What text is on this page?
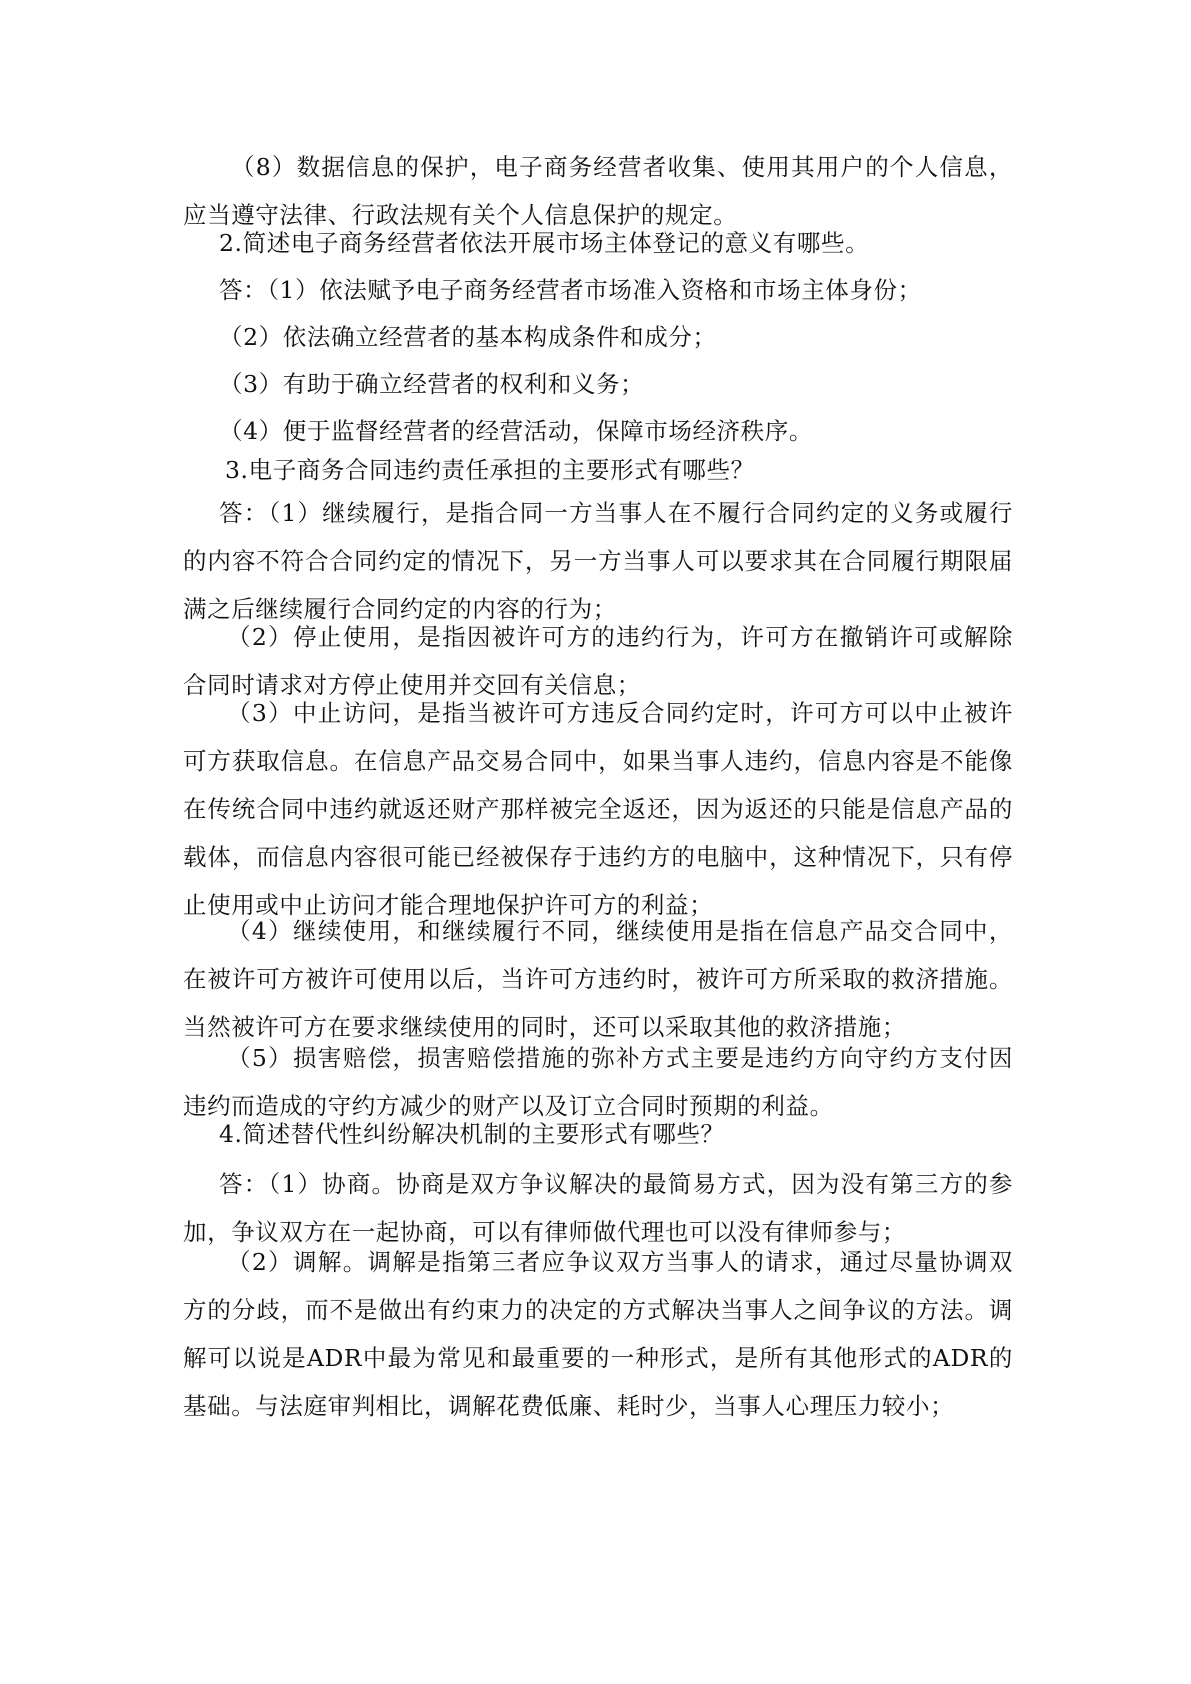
（8）数据信息的保护，电子商务经营者收集、使用其用户的个人信息，应当遵守法律、行政法规有关个人信息保护的规定。

2.简述电子商务经营者依法开展市场主体登记的意义有哪些。

答：（1）依法赋予电子商务经营者市场准入资格和市场主体身份；

（2）依法确立经营者的基本构成条件和成分；

（3）有助于确立经营者的权利和义务；

（4）便于监督经营者的经营活动，保障市场经济秩序。

3.电子商务合同违约责任承担的主要形式有哪些？

答：（1）继续履行，是指合同一方当事人在不履行合同约定的义务或履行的内容不符合合同约定的情况下，另一方当事人可以要求其在合同履行期限届满之后继续履行合同约定的内容的行为；

（2）停止使用，是指因被许可方的违约行为，许可方在撤销许可或解除合同时请求对方停止使用并交回有关信息；

（3）中止访问，是指当被许可方违反合同约定时，许可方可以中止被许可方获取信息。在信息产品交易合同中，如果当事人违约，信息内容是不能像在传统合同中违约就返还财产那样被完全返还，因为返还的只能是信息产品的载体，而信息内容很可能已经被保存于违约方的电脑中，这种情况下，只有停止使用或中止访问才能合理地保护许可方的利益；

（4）继续使用，和继续履行不同，继续使用是指在信息产品交合同中，在被许可方被许可使用以后，当许可方违约时，被许可方所采取的救济措施。当然被许可方在要求继续使用的同时，还可以采取其他的救济措施；

（5）损害赔偿，损害赔偿措施的弥补方式主要是违约方向守约方支付因违约而造成的守约方减少的财产以及订立合同时预期的利益。

4.简述替代性纠纷解决机制的主要形式有哪些？

答：（1）协商。协商是双方争议解决的最简易方式，因为没有第三方的参加，争议双方在一起协商，可以有律师做代理也可以没有律师参与；

（2）调解。调解是指第三者应争议双方当事人的请求，通过尽量协调双方的分歧，而不是做出有约束力的决定的方式解决当事人之间争议的方法。调解可以说是ADR中最为常见和最重要的一种形式，是所有其他形式的ADR的基础。与法庭审判相比，调解花费低廉、耗时少，当事人心理压力较小；
